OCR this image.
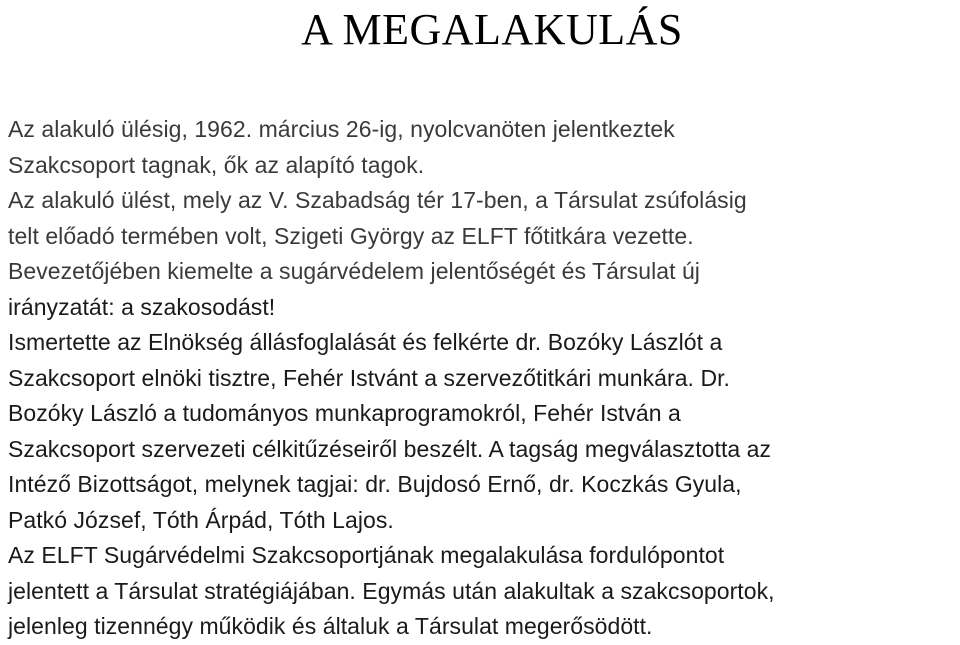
A MEGALAKULÁS
Az alakuló ülésig, 1962. március 26-ig, nyolcvanöten jelentkeztek
Szakcsoport tagnak, ők az alapító tagok.
Az alakuló ülést, mely az V. Szabadság tér 17-ben, a Társulat zsúfolásig
telt előadó termében volt, Szigeti György az ELFT főtitkára vezette.
Bevezetőjében kiemelte a sugárvédelem jelentőségét és Társulat új
irányzatát: a szakosodást!
Ismertette az Elnökség állásfoglalását és felkérte dr. Bozóky Lászlót a
Szakcsoport elnöki tisztre, Fehér Istvánt a szervezőtitkári munkára. Dr.
Bozóky László a tudományos munkaprogramokról, Fehér István a
Szakcsoport szervezeti célkitűzéseiről beszélt. A tagság megválasztotta az
Intéző Bizottságot, melynek tagjai: dr. Bujdosó Ernő, dr. Koczkás Gyula,
Patkó József, Tóth Árpád, Tóth Lajos.
Az ELFT Sugárvédelmi Szakcsoportjának megalakulása fordulópontot
jelentett a Társulat stratégiájában. Egymás után alakultak a szakcsoportok,
jelenleg tizennégy működik és általuk a Társulat megerősödött.
